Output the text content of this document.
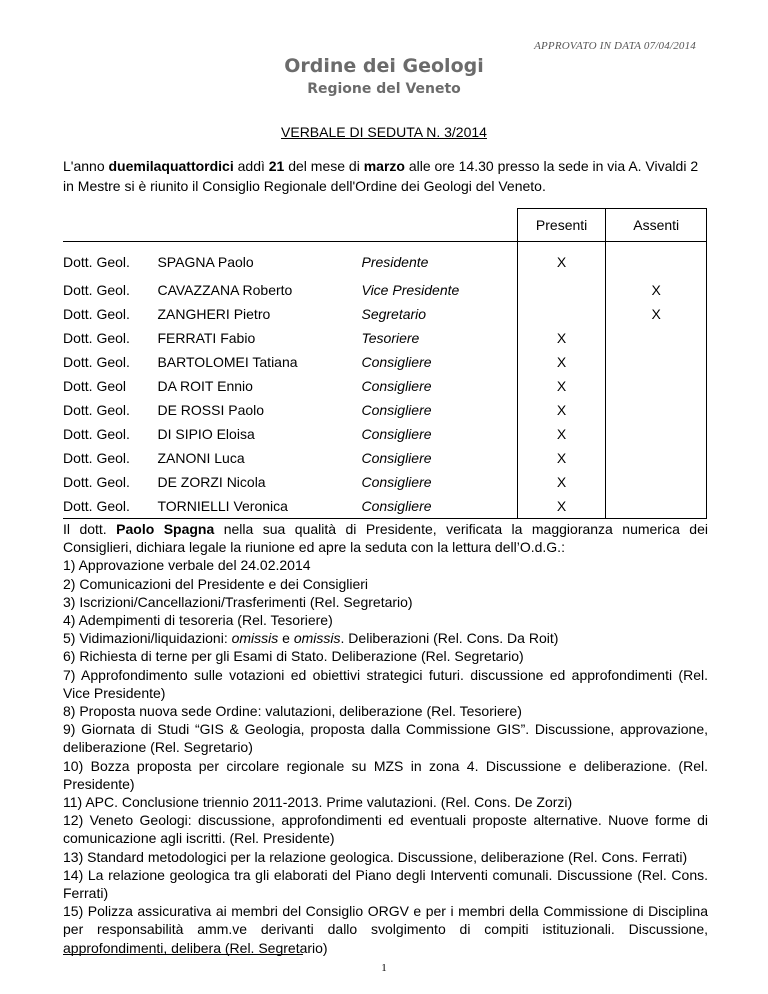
APPROVATO IN DATA 07/04/2014
Ordine dei Geologi
Regione del Veneto
VERBALE DI SEDUTA N. 3/2014
L'anno duemilaquattordici addì 21 del mese di marzo alle ore 14.30 presso la sede in via A. Vivaldi 2 in Mestre si è riunito il Consiglio Regionale dell'Ordine dei Geologi del Veneto.
			Presenti	Assenti
Dott. Geol.	SPAGNA Paolo	Presidente	X	
Dott. Geol.	CAVAZZANA Roberto	Vice Presidente		X
Dott. Geol.	ZANGHERI Pietro	Segretario		X
Dott. Geol.	FERRATI Fabio	Tesoriere	X	
Dott. Geol.	BARTOLOMEI Tatiana	Consigliere	X	
Dott. Geol	DA ROIT Ennio	Consigliere	X	
Dott. Geol.	DE ROSSI Paolo	Consigliere	X	
Dott. Geol.	DI SIPIO Eloisa	Consigliere	X	
Dott. Geol.	ZANONI Luca	Consigliere	X	
Dott. Geol.	DE ZORZI Nicola	Consigliere	X	
Dott. Geol.	TORNIELLI Veronica	Consigliere	X	

Il dott. Paolo Spagna nella sua qualità di Presidente, verificata la maggioranza numerica dei Consiglieri, dichiara legale la riunione ed apre la seduta con la lettura dell’O.d.G.:

1) Approvazione verbale del 24.02.2014
2) Comunicazioni del Presidente e dei Consiglieri
3) Iscrizioni/Cancellazioni/Trasferimenti (Rel. Segretario)
4) Adempimenti di tesoreria (Rel. Tesoriere)
5) Vidimazioni/liquidazioni: omissis e omissis. Deliberazioni (Rel. Cons. Da Roit)
6) Richiesta di terne per gli Esami di Stato. Deliberazione (Rel. Segretario)
7) Approfondimento sulle votazioni ed obiettivi strategici futuri. discussione ed approfondimenti (Rel. Vice Presidente)
8) Proposta nuova sede Ordine: valutazioni, deliberazione (Rel. Tesoriere)
9) Giornata di Studi “GIS & Geologia, proposta dalla Commissione GIS”. Discussione, approvazione, deliberazione (Rel. Segretario)
10) Bozza proposta per circolare regionale su MZS in zona 4. Discussione e deliberazione. (Rel. Presidente)
11) APC. Conclusione triennio 2011-2013. Prime valutazioni. (Rel. Cons. De Zorzi)
12) Veneto Geologi: discussione, approfondimenti ed eventuali proposte alternative. Nuove forme di comunicazione agli iscritti. (Rel. Presidente)
13) Standard metodologici per la relazione geologica. Discussione, deliberazione (Rel. Cons. Ferrati)
14) La relazione geologica tra gli elaborati del Piano degli Interventi comunali. Discussione (Rel. Cons. Ferrati)
15) Polizza assicurativa ai membri del Consiglio ORGV e per i membri della Commissione di Disciplina per responsabilità amm.ve derivanti dallo svolgimento di compiti istituzionali. Discussione, approfondimenti, delibera (Rel. Segretario)
1
